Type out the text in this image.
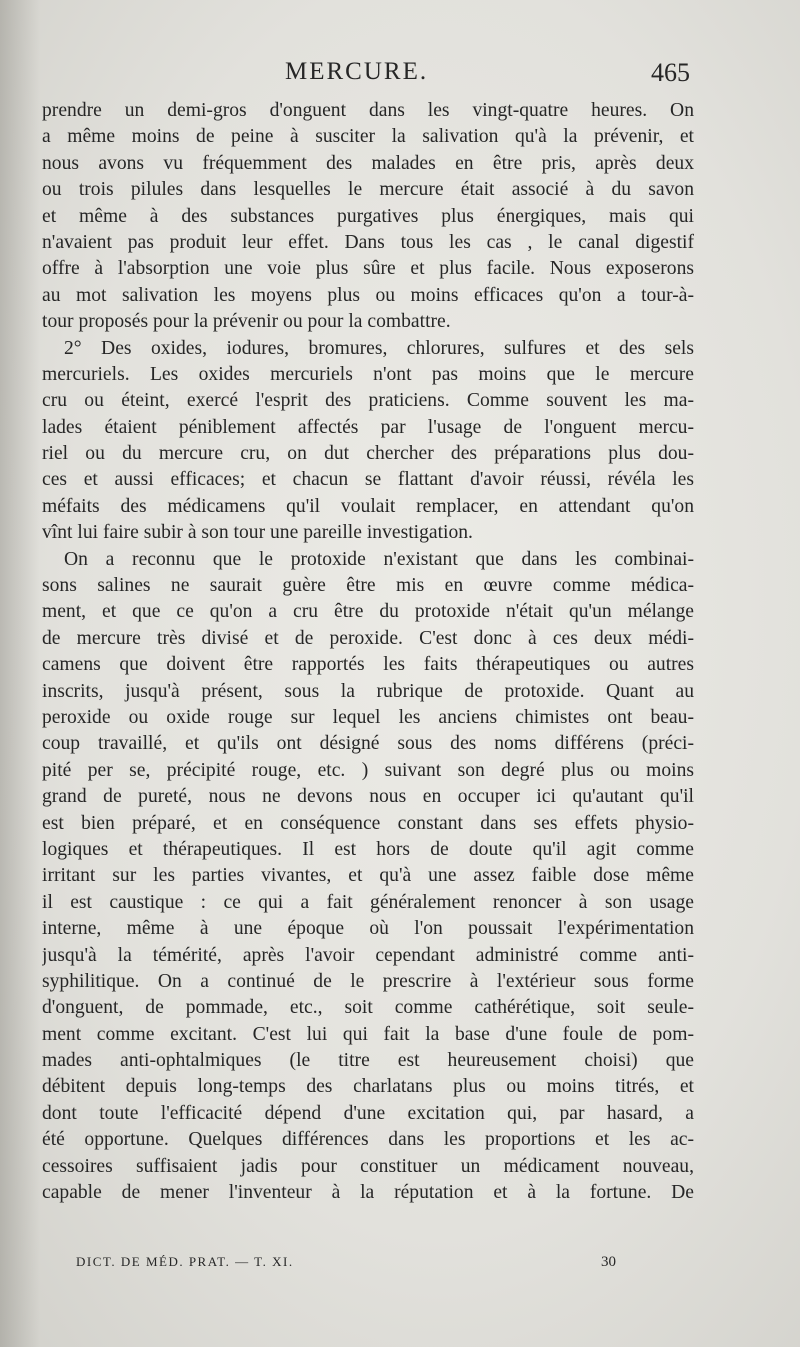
MERCURE.	465
prendre un demi-gros d'onguent dans les vingt-quatre heures. On
a même moins de peine à susciter la salivation qu'à la prévenir, et
nous avons vu fréquemment des malades en être pris, après deux
ou trois pilules dans lesquelles le mercure était associé à du savon
et même à des substances purgatives plus énergiques, mais qui
n'avaient pas produit leur effet. Dans tous les cas , le canal digestif
offre à l'absorption une voie plus sûre et plus facile. Nous exposerons
au mot salivation les moyens plus ou moins efficaces qu'on a tour-à-
tour proposés pour la prévenir ou pour la combattre.
2° Des oxides, iodures, bromures, chlorures, sulfures et des sels
mercuriels. Les oxides mercuriels n'ont pas moins que le mercure
cru ou éteint, exercé l'esprit des praticiens. Comme souvent les ma-
lades étaient péniblement affectés par l'usage de l'onguent mercu-
riel ou du mercure cru, on dut chercher des préparations plus dou-
ces et aussi efficaces; et chacun se flattant d'avoir réussi, révéla les
méfaits des médicamens qu'il voulait remplacer, en attendant qu'on
vînt lui faire subir à son tour une pareille investigation.
On a reconnu que le protoxide n'existant que dans les combinai-
sons salines ne saurait guère être mis en œuvre comme médica-
ment, et que ce qu'on a cru être du protoxide n'était qu'un mélange
de mercure très divisé et de peroxide. C'est donc à ces deux médi-
camens que doivent être rapportés les faits thérapeutiques ou autres
inscrits, jusqu'à présent, sous la rubrique de protoxide. Quant au
peroxide ou oxide rouge sur lequel les anciens chimistes ont beau-
coup travaillé, et qu'ils ont désigné sous des noms différens (préci-
pité per se, précipité rouge, etc. ) suivant son degré plus ou moins
grand de pureté, nous ne devons nous en occuper ici qu'autant qu'il
est bien préparé, et en conséquence constant dans ses effets physio-
logiques et thérapeutiques. Il est hors de doute qu'il agit comme
irritant sur les parties vivantes, et qu'à une assez faible dose même
il est caustique : ce qui a fait généralement renoncer à son usage
interne, même à une époque où l'on poussait l'expérimentation
jusqu'à la témérité, après l'avoir cependant administré comme anti-
syphilitique. On a continué de le prescrire à l'extérieur sous forme
d'onguent, de pommade, etc., soit comme cathérétique, soit seule-
ment comme excitant. C'est lui qui fait la base d'une foule de pom-
mades anti-ophtalmiques (le titre est heureusement choisi) que
débitent depuis long-temps des charlatans plus ou moins titrés, et
dont toute l'efficacité dépend d'une excitation qui, par hasard, a
été opportune. Quelques différences dans les proportions et les ac-
cessoires suffisaient jadis pour constituer un médicament nouveau,
capable de mener l'inventeur à la réputation et à la fortune. De
DICT. DE MÉD. PRAT. — T. XI.	30
